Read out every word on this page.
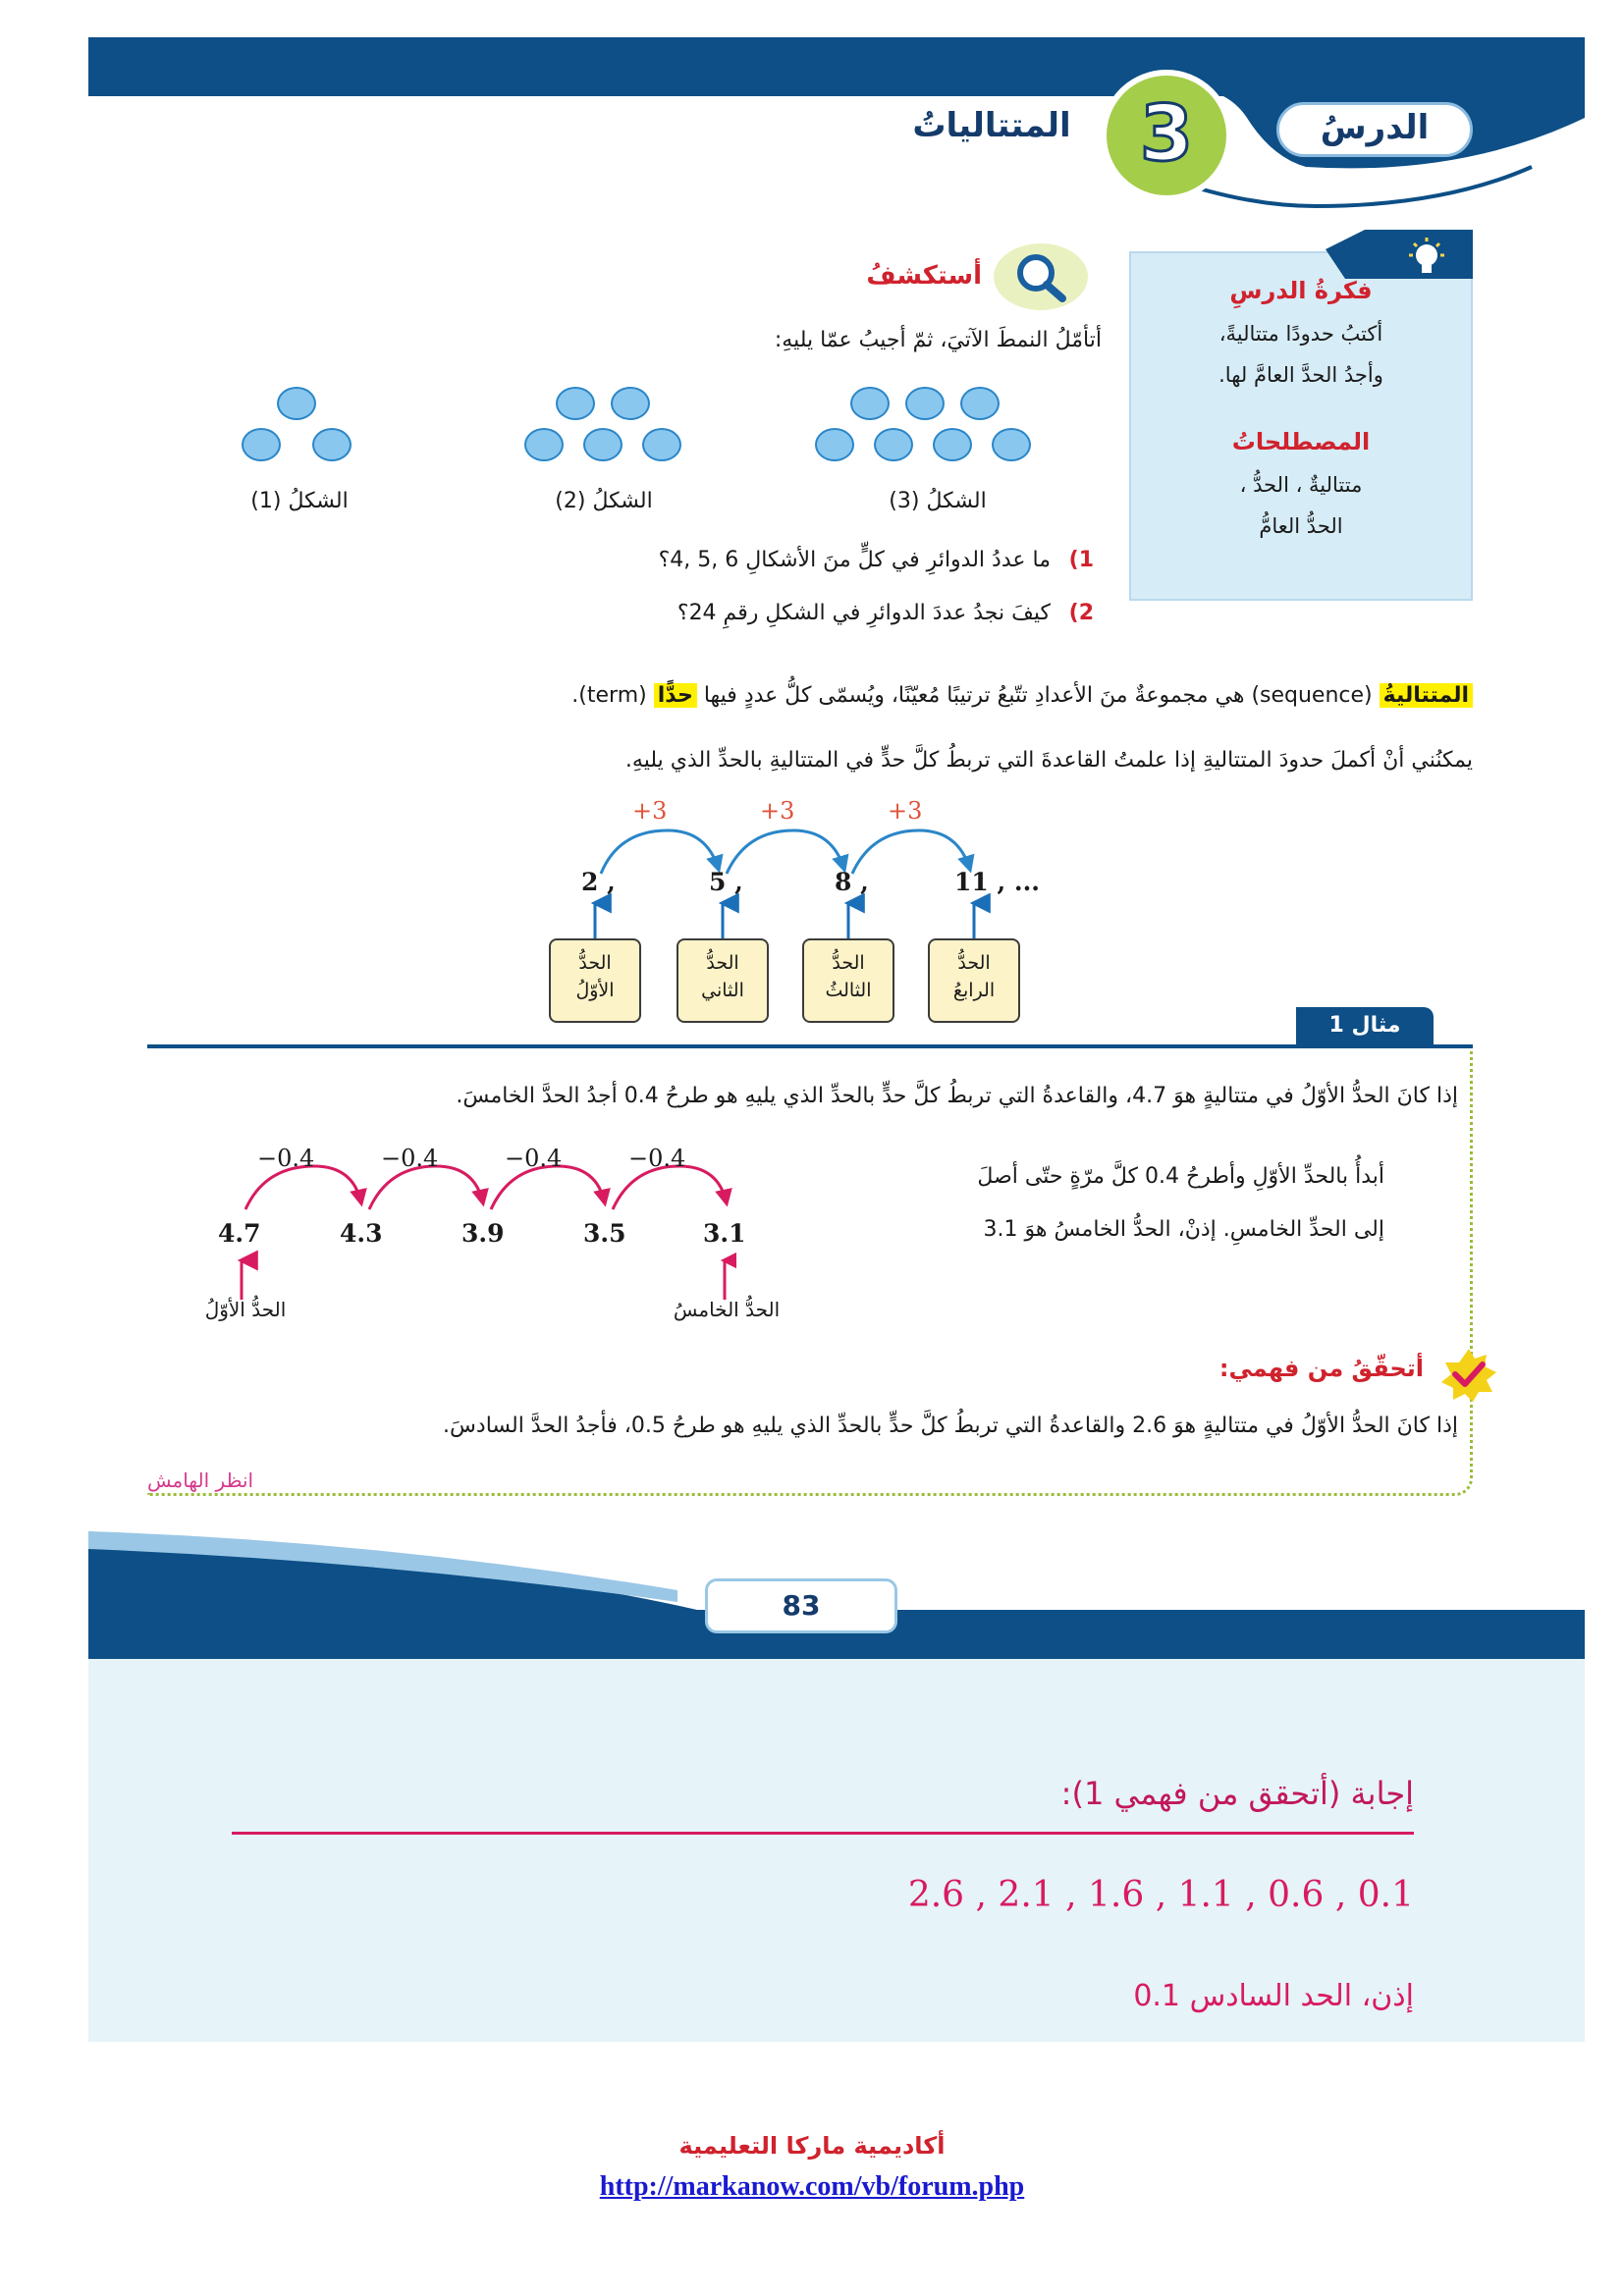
3	الدرسُ
المتتالياتُ
فكرةُ الدرسِ
أكتبُ حدودًا متتاليةً،
وأجدُ الحدَّ العامَّ لها.
المصطلحاتُ
متتاليةٌ ، الحدُّ ،
الحدُّ العامُّ
أستكشفُ
أتأمّلُ النمطَ الآتيَ، ثمّ أجيبُ عمّا يليهِ:
الشكلُ (1)	الشكلُ (2)	الشكلُ (3)
1)
ما عددُ الدوائرِ في كلٍّ منَ الأشكالِ 6 ,5 ,4؟
2)
كيفَ نجدُ عددَ الدوائرِ في الشكلِ رقمِ 24؟
المتتاليةُ (sequence) هي مجموعةٌ منَ الأعدادِ تتّبعُ ترتيبًا مُعيّنًا، ويُسمّى كلُّ عددٍ فيها حدًّا (term).
يمكنُني أنْ أكملَ حدودَ المتتاليةِ إذا علمتُ القاعدةَ التي تربطُ كلَّ حدٍّ في المتتاليةِ بالحدِّ الذي يليهِ.
+3	+3	+3
2 ,	5 ,	8 ,	11 , ...
الحدُّ
الأوّلُ
الحدُّ
الثاني
الحدُّ
الثالثُ
الحدُّ
الرابعُ
مثال 1
إذا كانَ الحدُّ الأوّلُ في متتاليةٍ هوَ 4.7، والقاعدةُ التي تربطُ كلَّ حدٍّ بالحدِّ الذي يليهِ هو طرحُ 0.4 أجدُ الحدَّ الخامسَ.
−0.4	−0.4	−0.4	−0.4
4.7	4.3	3.9	3.5	3.1
الحدُّ الأوّلُ	الحدُّ الخامسُ
أبدأُ بالحدِّ الأوّلِ وأطرحُ 0.4 كلَّ مرّةٍ حتّى أصلَ
إلى الحدِّ الخامسِ. إذنْ، الحدُّ الخامسُ هوَ 3.1
أتحقّقُ من فهمي:
إذا كانَ الحدُّ الأوّلُ في متتاليةٍ هوَ 2.6 والقاعدةُ التي تربطُ كلَّ حدٍّ بالحدِّ الذي يليهِ هو طرحُ 0.5، فأجدُ الحدَّ السادسَ.
انظر الهامش
83
إجابة (أتحقق من فهمي 1):
2.6 , 2.1 , 1.6 , 1.1 , 0.6 , 0.1
إذن، الحد السادس 0.1
أكاديمية ماركا التعليمية
http://markanow.com/vb/forum.php
